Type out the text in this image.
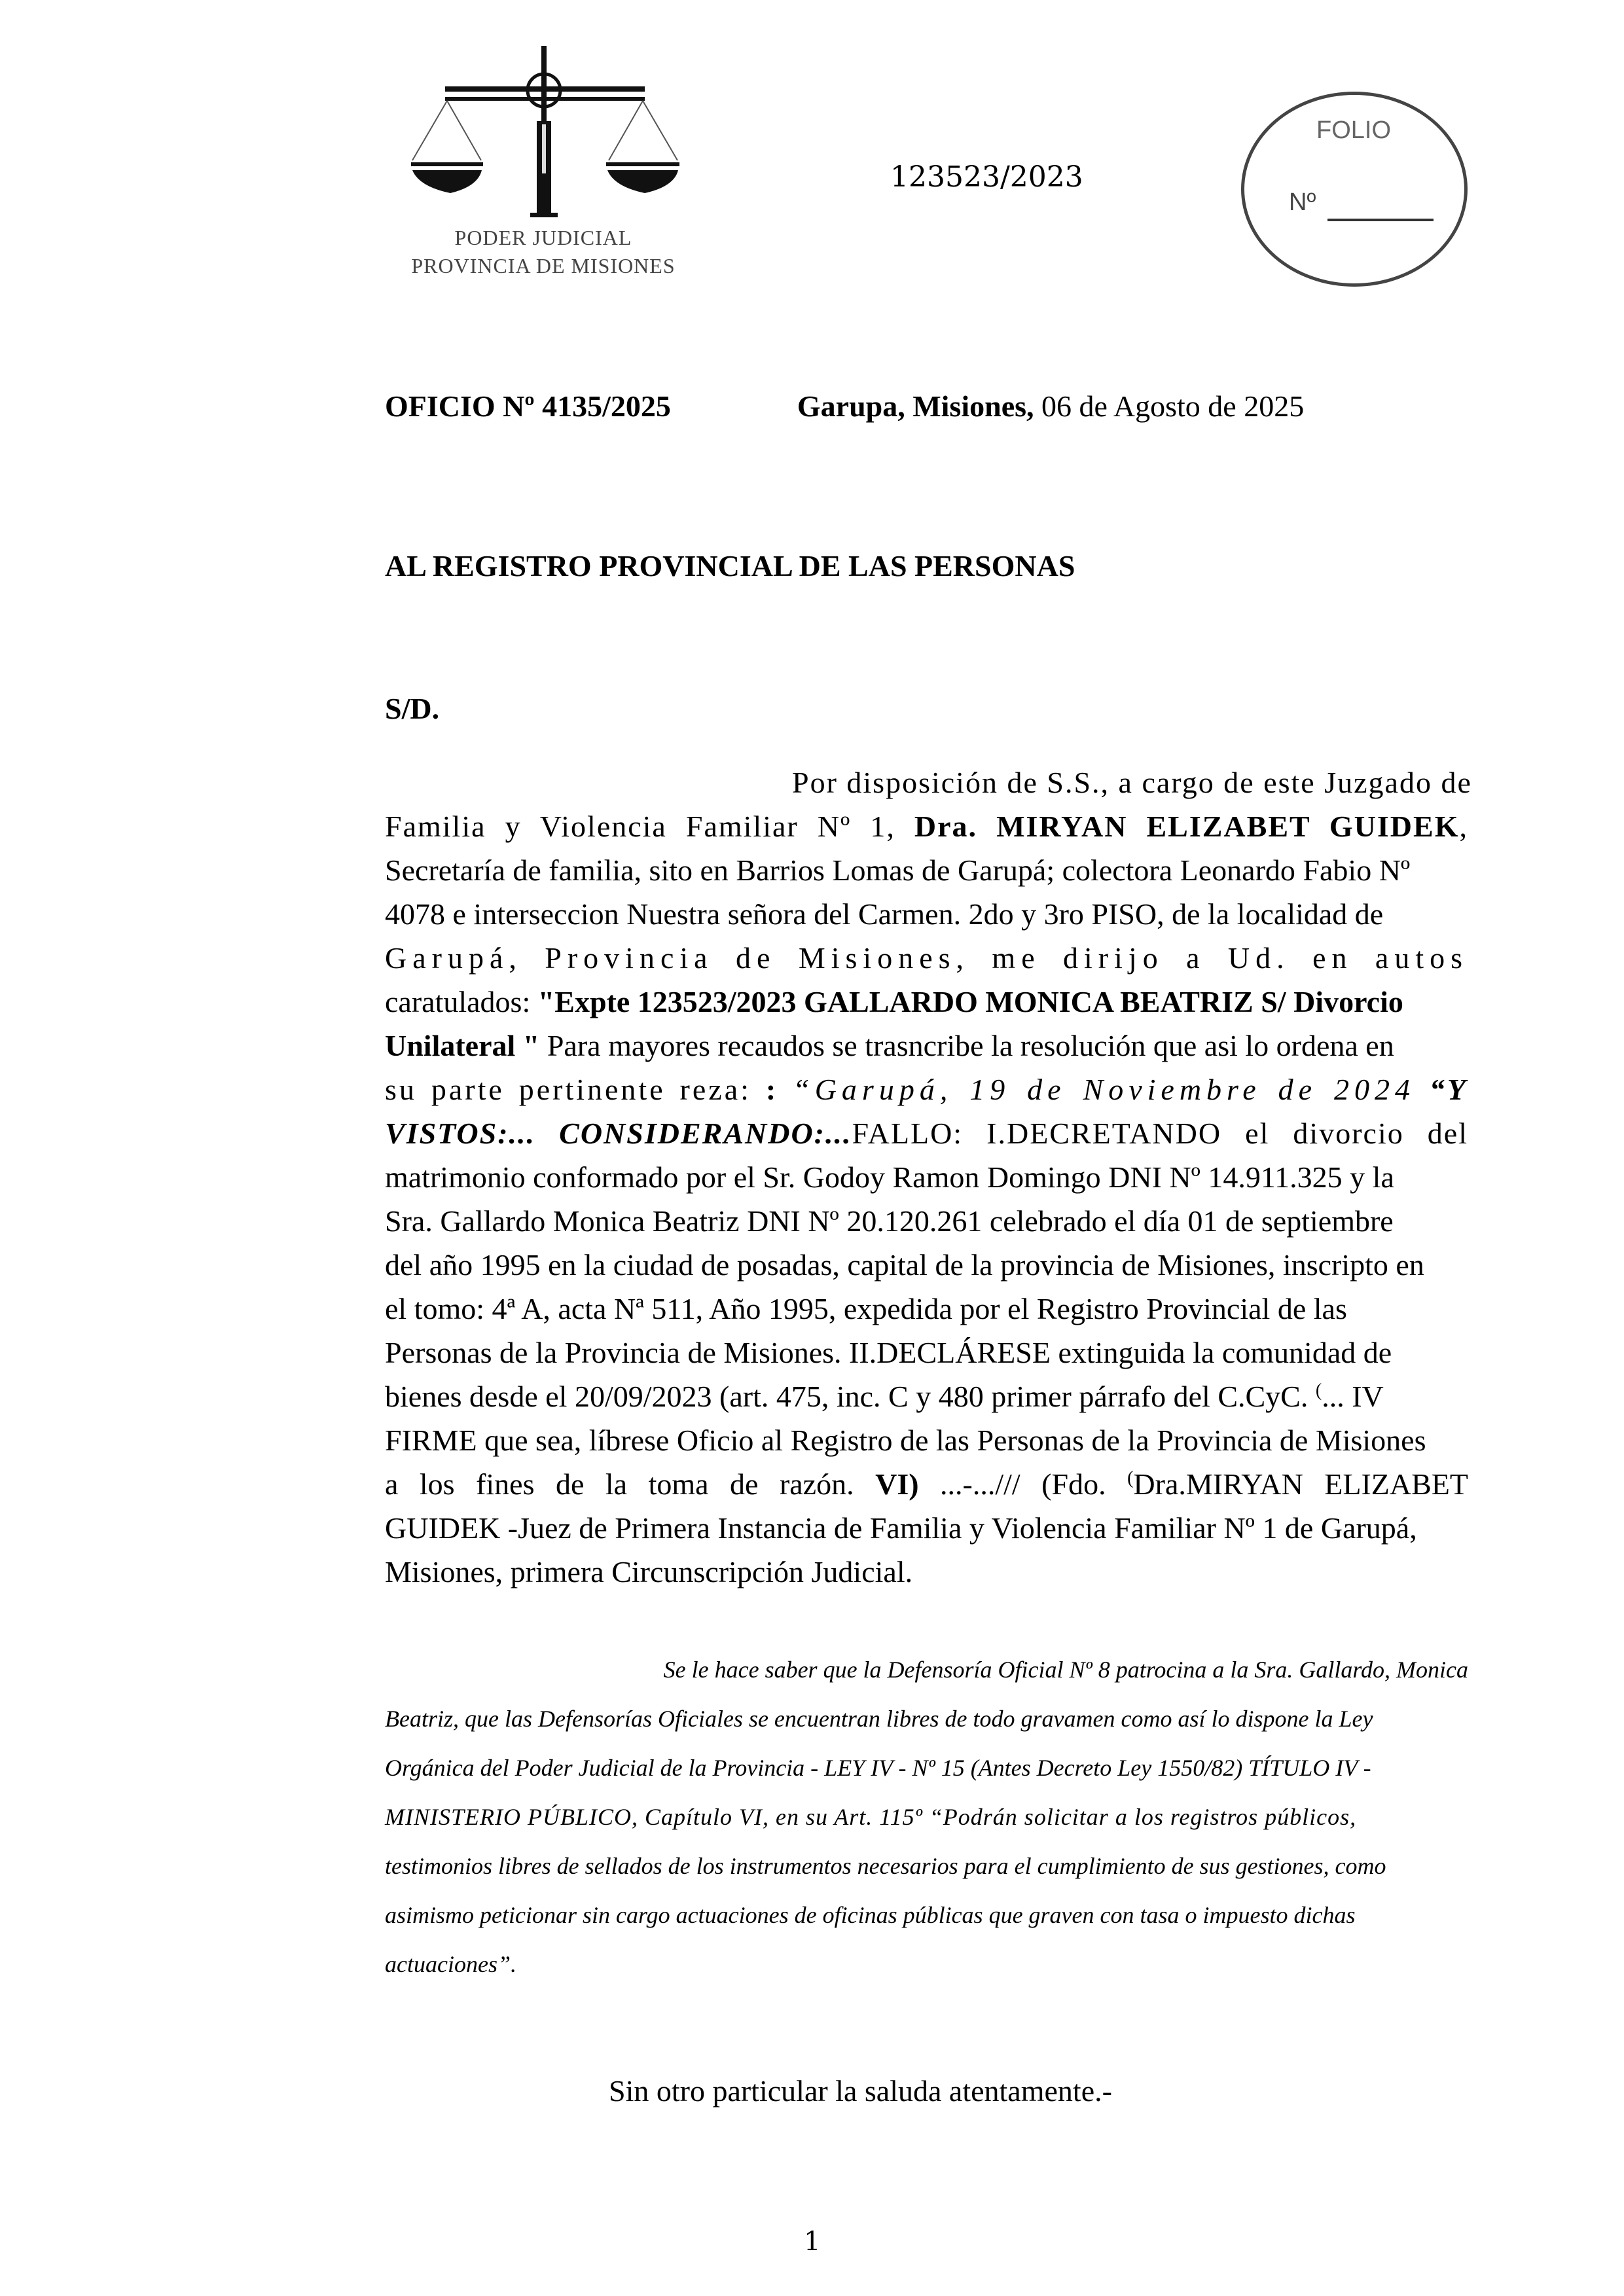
PODER JUDICIAL
PROVINCIA DE MISIONES
123523/2023
FOLIO
Nº
OFICIO Nº 4135/2025	Garupa, Misiones, 06 de Agosto de 2025
AL REGISTRO PROVINCIAL DE LAS PERSONAS
S/D.
Por disposición de S.S., a cargo de este Juzgado de
Familia y Violencia Familiar Nº 1, Dra. MIRYAN ELIZABET GUIDEK,
Secretaría de familia, sito en Barrios Lomas de Garupá; colectora Leonardo Fabio Nº
4078 e interseccion Nuestra señora del Carmen. 2do y 3ro PISO, de la localidad de
Garupá, Provincia de Misiones, me dirijo a Ud. en autos
caratulados: "Expte 123523/2023 GALLARDO MONICA BEATRIZ S/ Divorcio
Unilateral " Para mayores recaudos se trasncribe la resolución que asi lo ordena en
su parte pertinente reza: : “Garupá, 19 de Noviembre de 2024 “Y
VISTOS:... CONSIDERANDO:...FALLO: I.DECRETANDO el divorcio del
matrimonio conformado por el Sr. Godoy Ramon Domingo DNI Nº 14.911.325 y la
Sra. Gallardo Monica Beatriz DNI Nº 20.120.261 celebrado el día 01 de septiembre
del año 1995 en la ciudad de posadas, capital de la provincia de Misiones, inscripto en
el tomo: 4ª A, acta Nª 511, Año 1995, expedida por el Registro Provincial de las
Personas de la Provincia de Misiones. II.DECLÁRESE extinguida la comunidad de
bienes desde el 20/09/2023 (art. 475, inc. C y 480 primer párrafo del C.CyC. (... IV
FIRME que sea, líbrese Oficio al Registro de las Personas de la Provincia de Misiones
a los fines de la toma de razón. VI) ...-.../// (Fdo. (Dra.MIRYAN ELIZABET
GUIDEK -Juez de Primera Instancia de Familia y Violencia Familiar Nº 1 de Garupá,
Misiones, primera Circunscripción Judicial.
Se le hace saber que la Defensoría Oficial Nº 8 patrocina a la Sra. Gallardo, Monica
Beatriz, que las Defensorías Oficiales se encuentran libres de todo gravamen como así lo dispone la Ley
Orgánica del Poder Judicial de la Provincia - LEY IV - Nº 15 (Antes Decreto Ley 1550/82) TÍTULO IV -
MINISTERIO PÚBLICO, Capítulo VI, en su Art. 115º “Podrán solicitar a los registros públicos,
testimonios libres de sellados de los instrumentos necesarios para el cumplimiento de sus gestiones, como
asimismo peticionar sin cargo actuaciones de oficinas públicas que graven con tasa o impuesto dichas
actuaciones”.
Sin otro particular la saluda atentamente.-
1
